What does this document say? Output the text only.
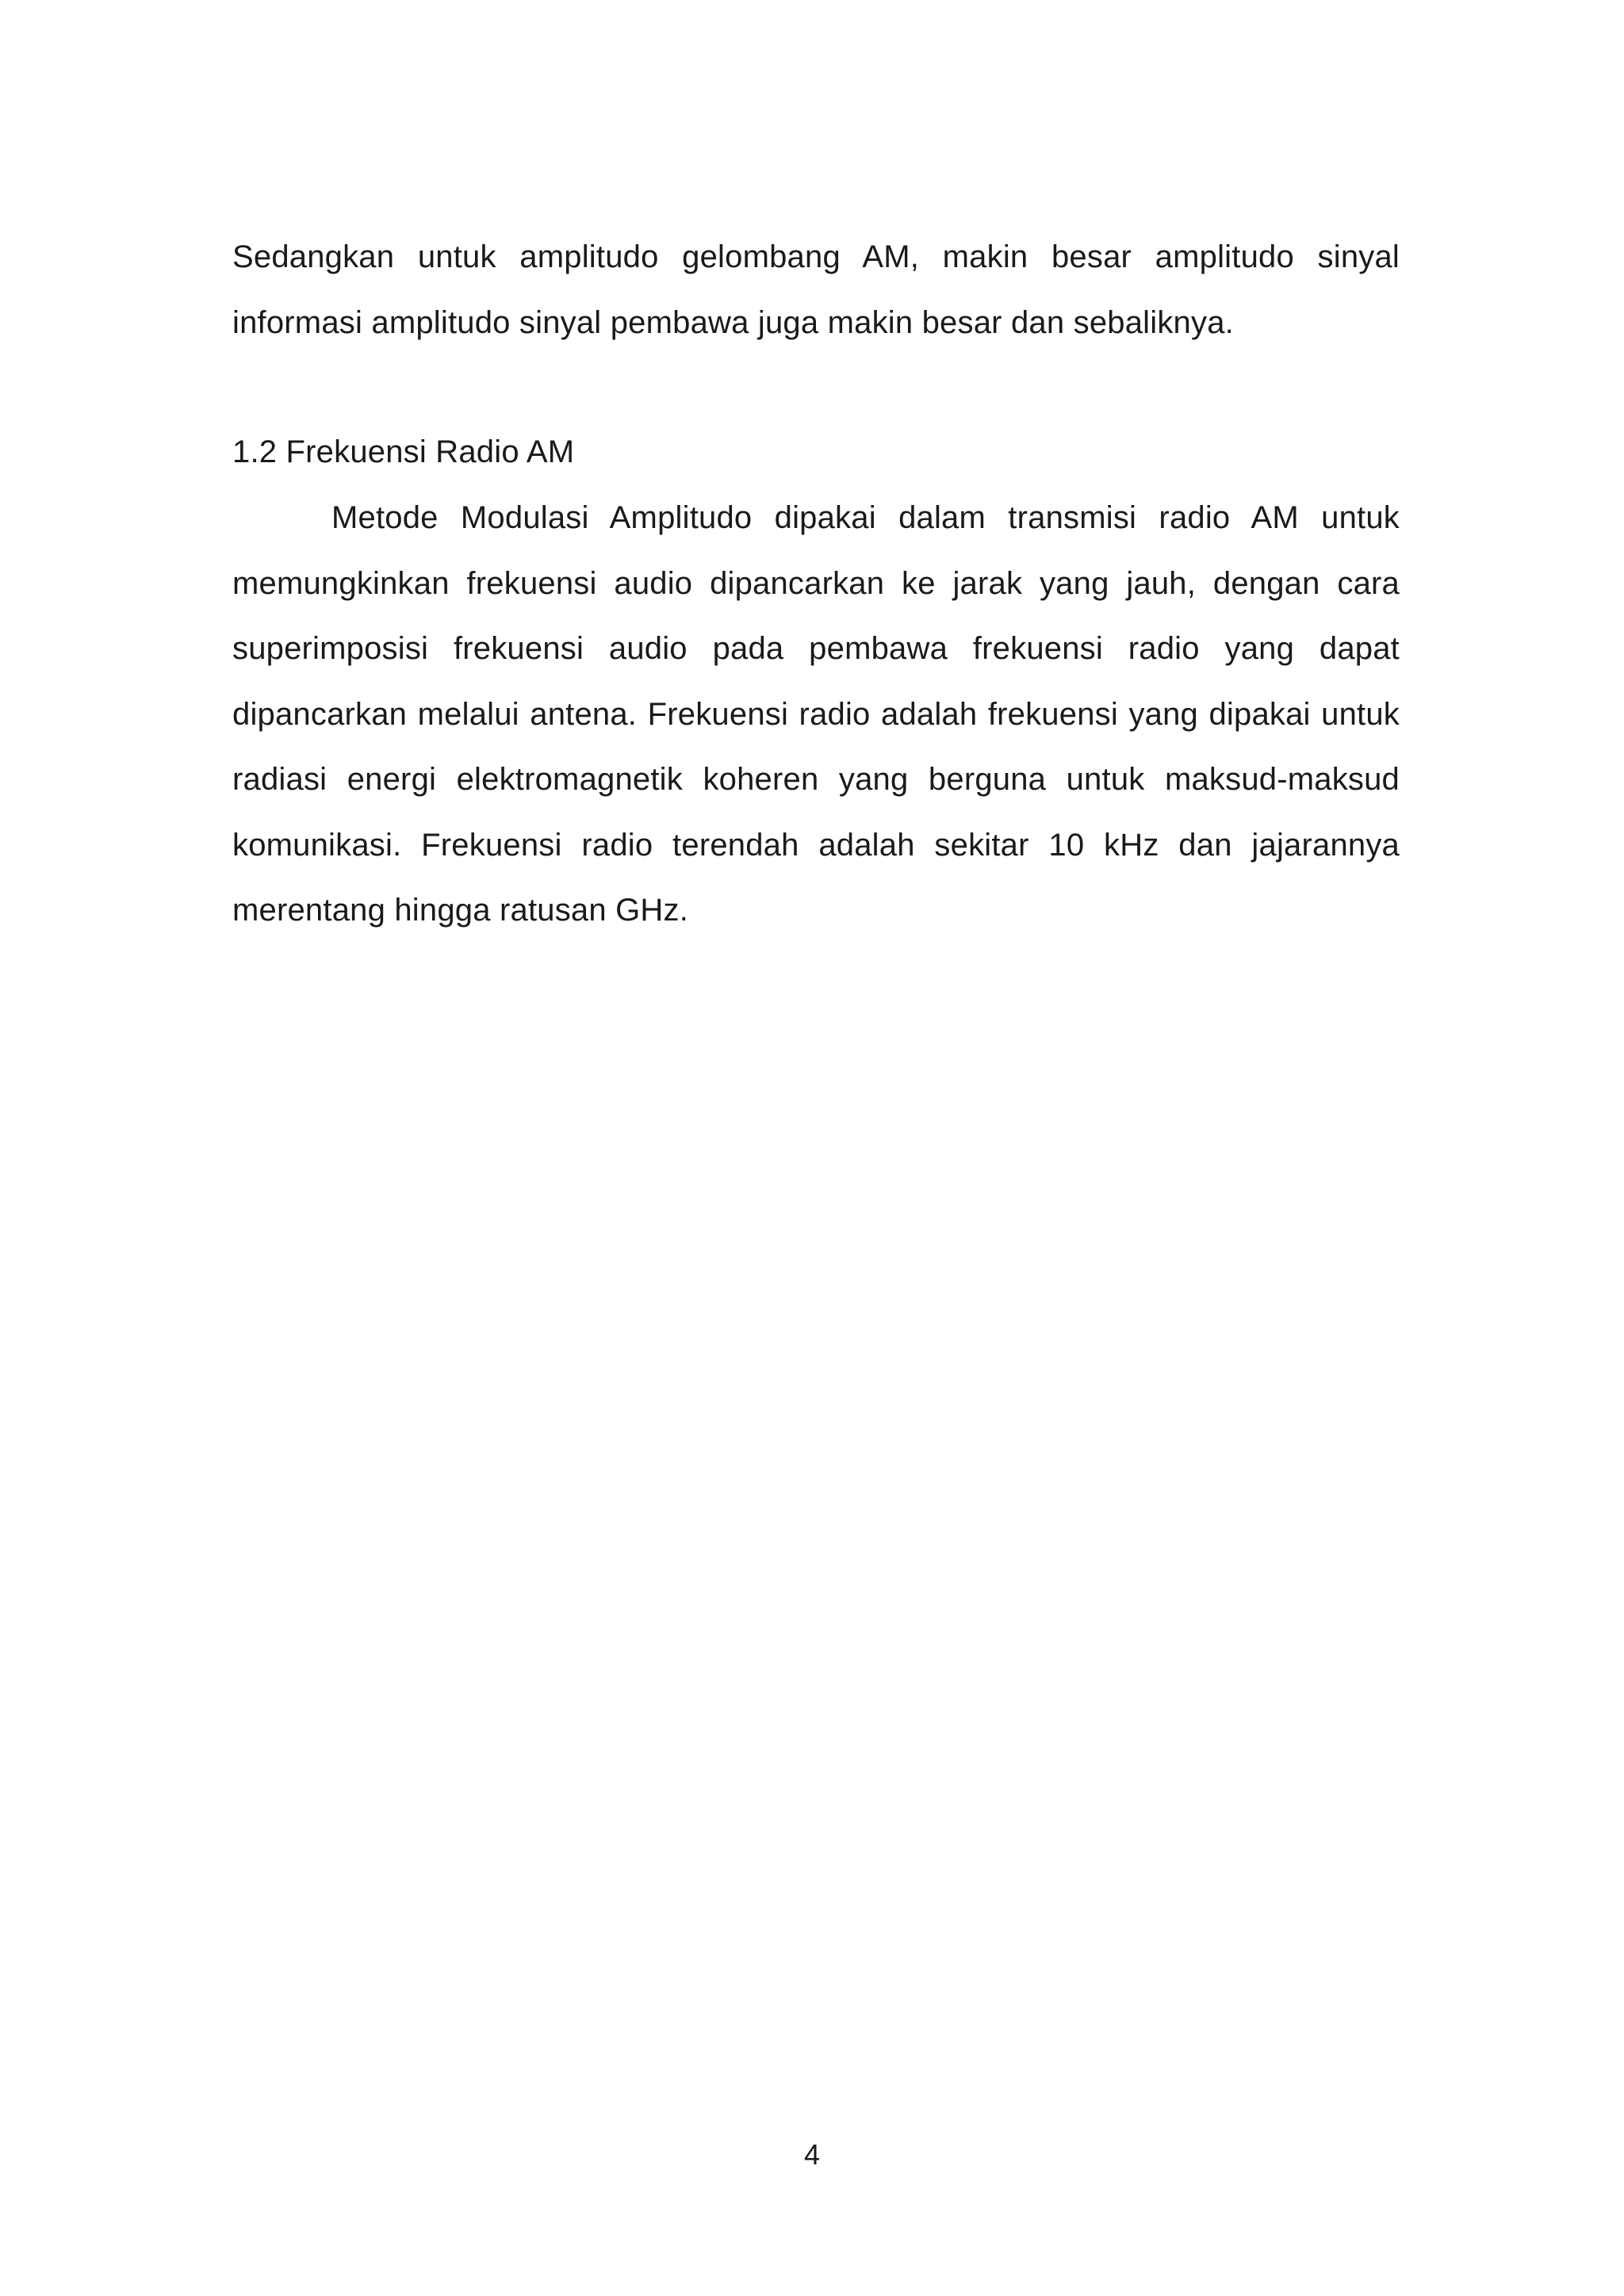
Sedangkan untuk amplitudo gelombang AM, makin besar amplitudo sinyal informasi amplitudo sinyal pembawa juga makin besar dan sebaliknya.

1.2 Frekuensi Radio AM

Metode Modulasi Amplitudo dipakai dalam transmisi radio AM untuk memungkinkan frekuensi audio dipancarkan ke jarak yang jauh, dengan cara superimposisi frekuensi audio pada pembawa frekuensi radio yang dapat dipancarkan melalui antena. Frekuensi radio adalah frekuensi yang dipakai untuk radiasi energi elektromagnetik koheren yang berguna untuk maksud-maksud komunikasi. Frekuensi radio terendah adalah sekitar 10 kHz dan jajarannya merentang hingga ratusan GHz.

4
